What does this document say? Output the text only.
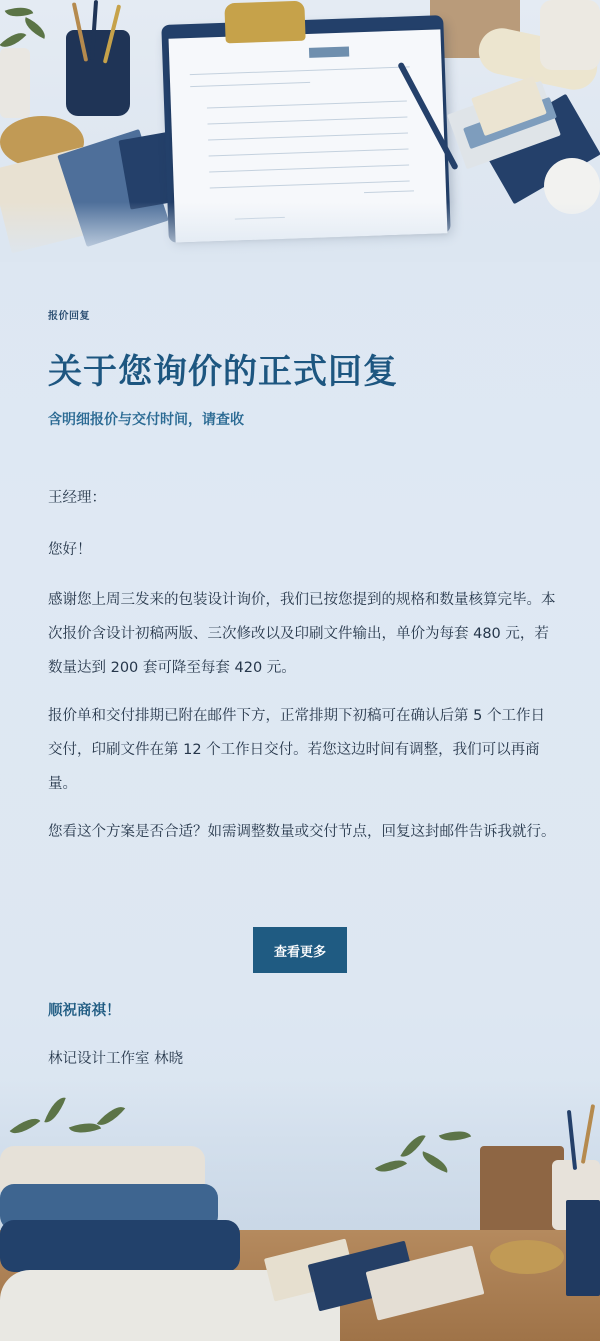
报价回复
关于您询价的正式回复
含明细报价与交付时间，请查收
王经理：
您好！
感谢您上周三发来的包装设计询价，我们已按您提到的规格和数量核算完毕。本次报价含设计初稿两版、三次修改以及印刷文件输出，单价为每套 480 元，若数量达到 200 套可降至每套 420 元。
报价单和交付排期已附在邮件下方，正常排期下初稿可在确认后第 5 个工作日交付，印刷文件在第 12 个工作日交付。若您这边时间有调整，我们可以再商量。
您看这个方案是否合适？如需调整数量或交付节点，回复这封邮件告诉我就行。
查看更多
顺祝商祺！
林记设计工作室 林晓
